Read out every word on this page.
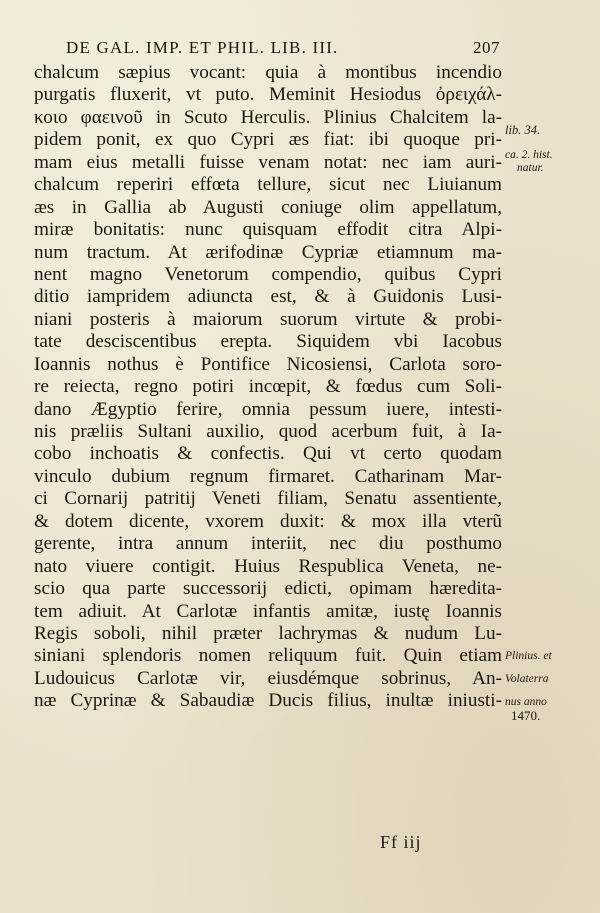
DE GAL. IMP. ET PHIL. LIB. III.	207
chalcum sæpius vocant: quia à montibus incendio
purgatis fluxerit, vt puto. Meminit Hesiodus ὀρειχάλ-
κοιο φαεινοῦ in Scuto Herculis. Plinius Chalcitem la-
pidem ponit, ex quo Cypri æs fiat: ibi quoque pri-
mam eius metalli fuisse venam notat: nec iam auri-
chalcum reperiri effœta tellure, sicut nec Liuianum
æs in Gallia ab Augusti coniuge olim appellatum,
miræ bonitatis: nunc quisquam effodit citra Alpi-
num tractum. At ærifodinæ Cypriæ etiamnum ma-
nent magno Venetorum compendio, quibus Cypri
ditio iampridem adiuncta est, & à Guidonis Lusi-
niani posteris à maiorum suorum virtute & probi-
tate desciscentibus erepta. Siquidem vbi Iacobus
Ioannis nothus è Pontifice Nicosiensi, Carlota soro-
re reiecta, regno potiri incœpit, & fœdus cum Soli-
dano Ægyptio ferire, omnia pessum iuere, intesti-
nis præliis Sultani auxilio, quod acerbum fuit, à Ia-
cobo inchoatis & confectis. Qui vt certo quodam
vinculo dubium regnum firmaret. Catharinam Mar-
ci Cornarij patritij Veneti filiam, Senatu assentiente,
& dotem dicente, vxorem duxit: & mox illa vterũ
gerente, intra annum interiit, nec diu posthumo
nato viuere contigit. Huius Respublica Veneta, ne-
scio qua parte successorij edicti, opimam hæredita-
tem adiuit. At Carlotæ infantis amitæ, iustę Ioannis
Regis soboli, nihil præter lachrymas & nudum Lu-
siniani splendoris nomen reliquum fuit. Quin etiam
Ludouicus Carlotæ vir, eiusdémque sobrinus, An-
næ Cyprinæ & Sabaudiæ Ducis filius, inultæ iniusti-
lib. 34.
ca. 2. hist.
natur.
Plinius. et
Volaterra
nus anno
1470.
Ff iij
